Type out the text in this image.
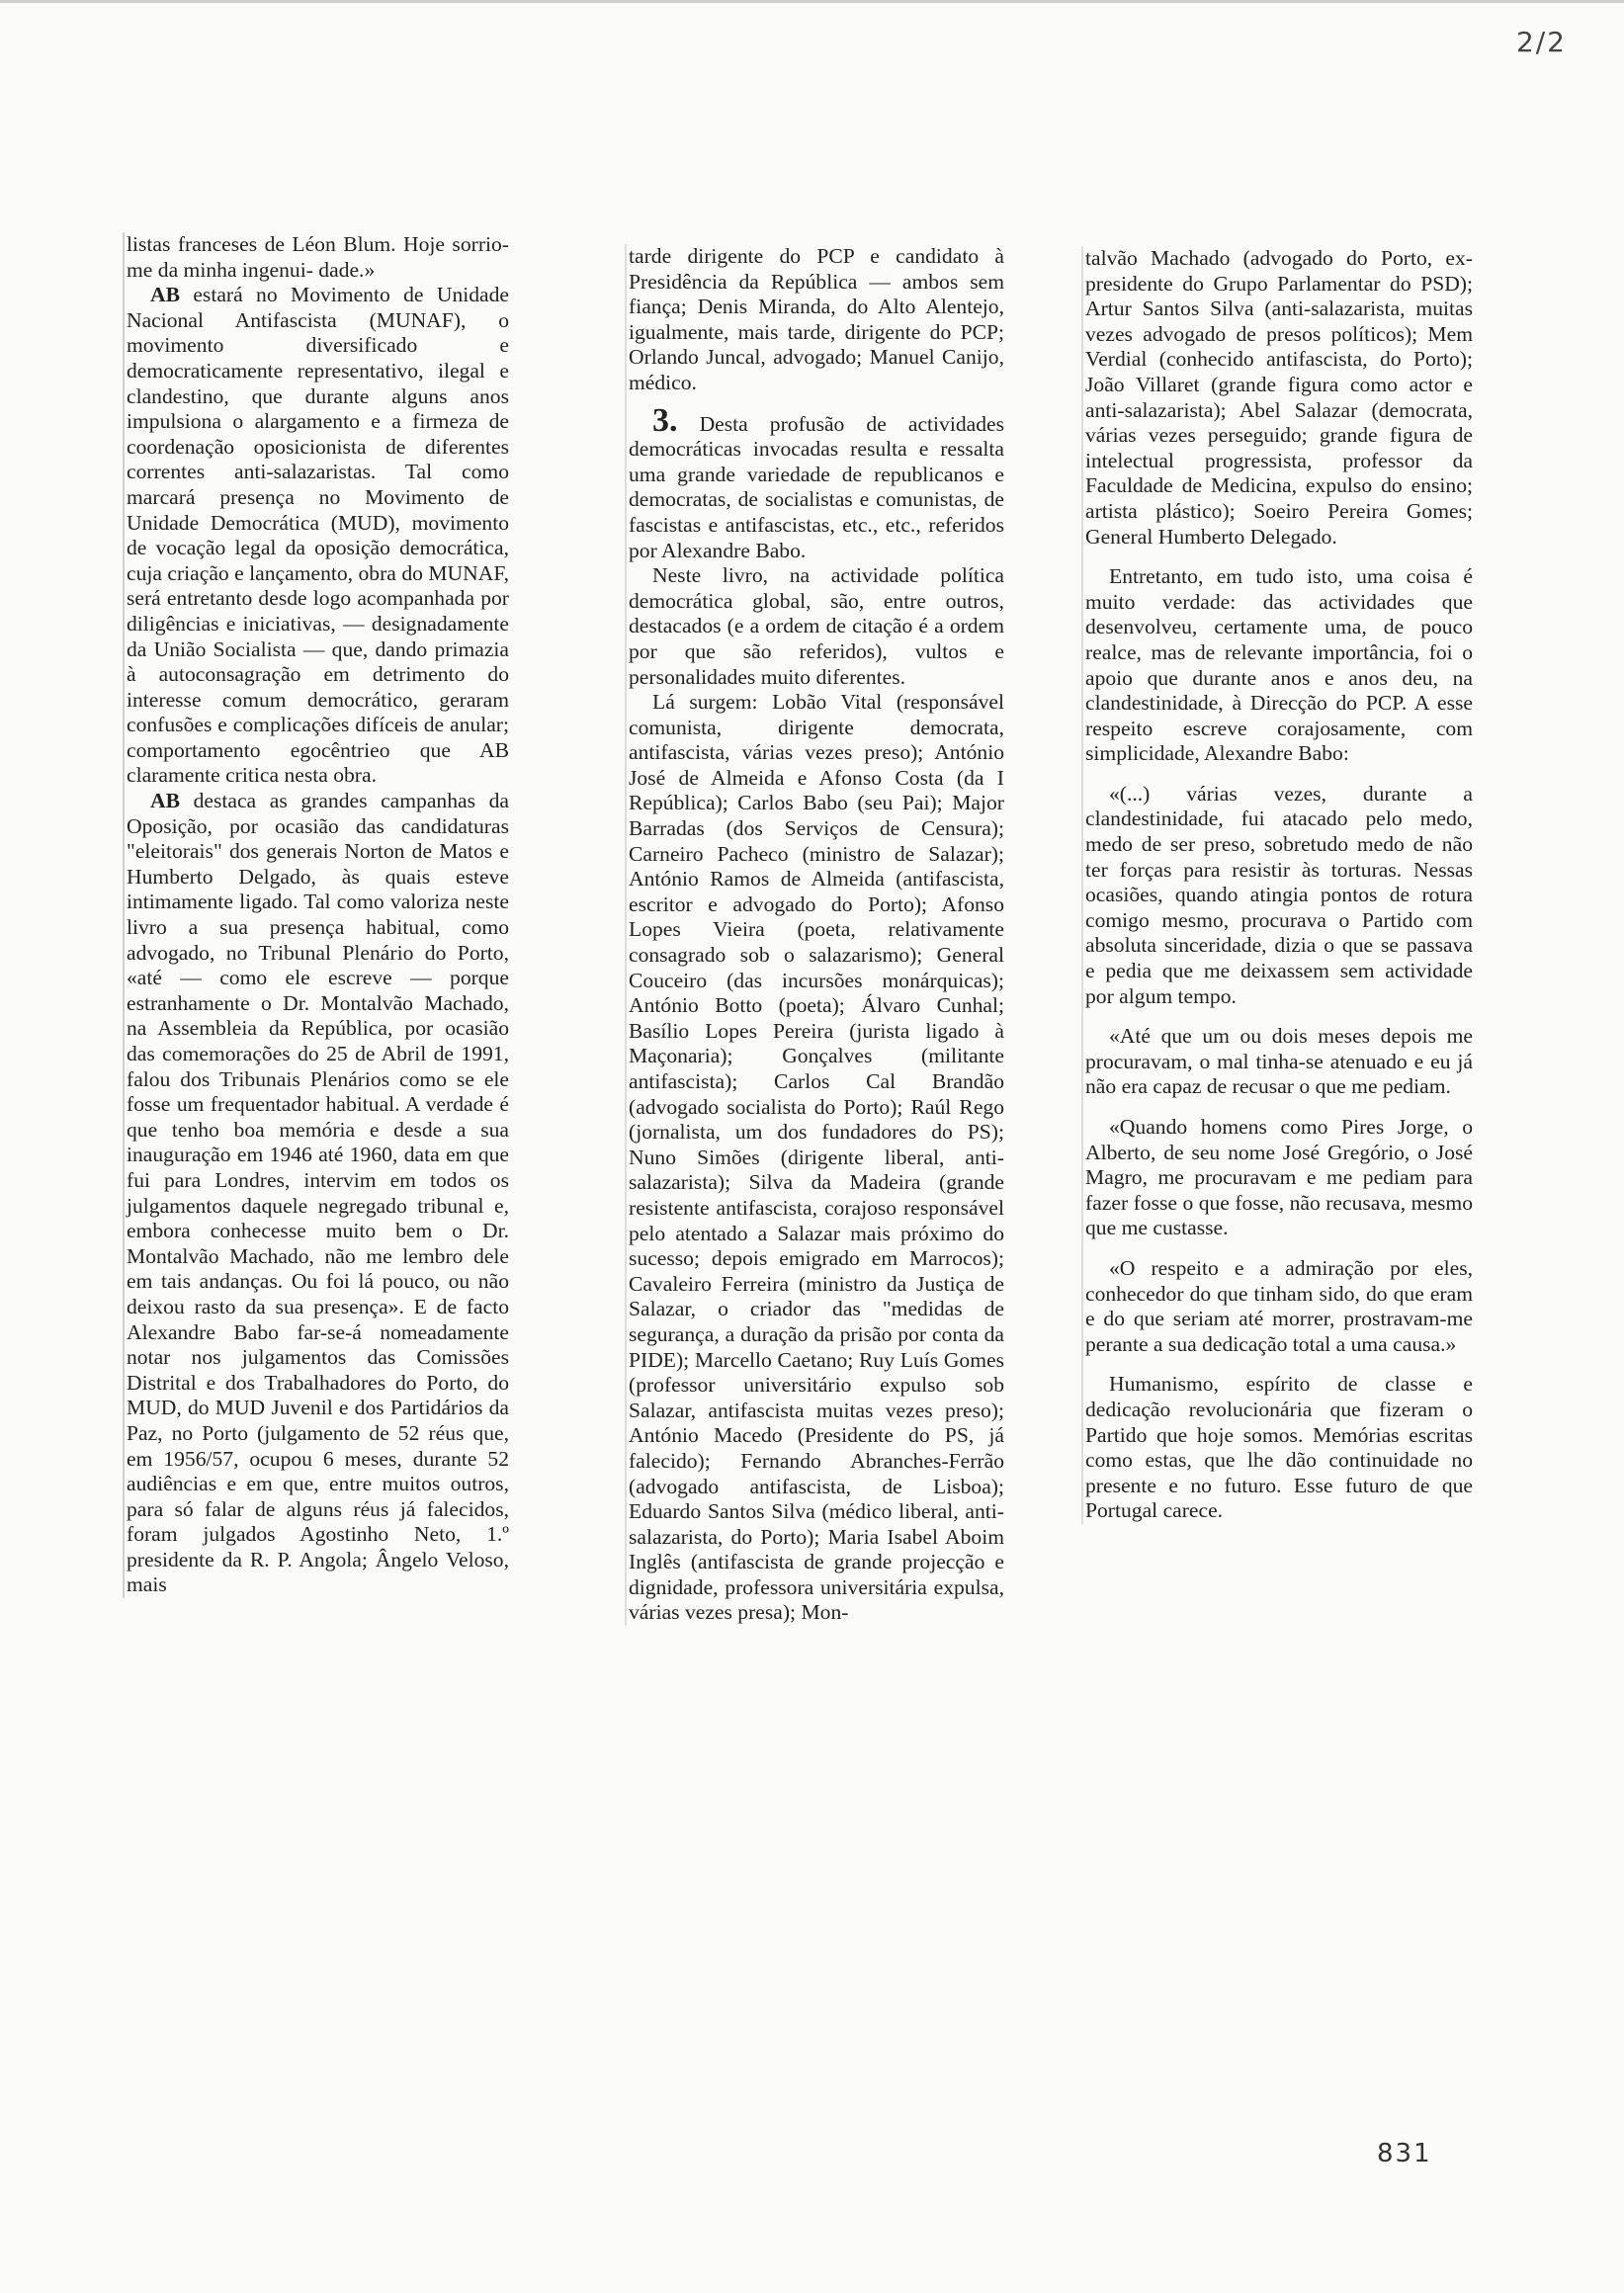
2/2

listas franceses de Léon Blum. Hoje sorrio-me da minha ingenui- dade.»

AB estará no Movimento de Unidade Nacional Antifascista (MUNAF), o movimento diversificado e democraticamente representativo, ilegal e clandestino, que durante alguns anos impulsiona o alargamento e a firmeza de coordenação oposicionista de diferentes correntes anti-salazaristas. Tal como marcará presença no Movimento de Unidade Democrática (MUD), movimento de vocação legal da oposição democrática, cuja criação e lançamento, obra do MUNAF, será entretanto desde logo acompanhada por diligências e iniciativas, — designadamente da União Socialista — que, dando primazia à autoconsagração em detrimento do interesse comum democrático, geraram confusões e complicações difíceis de anular; comportamento egocêntrieo que AB claramente critica nesta obra.

AB destaca as grandes campanhas da Oposição, por ocasião das candidaturas "eleitorais" dos generais Norton de Matos e Humberto Delgado, às quais esteve intimamente ligado. Tal como valoriza neste livro a sua presença habitual, como advogado, no Tribunal Plenário do Porto, «até — como ele escreve — porque estranhamente o Dr. Montalvão Machado, na Assembleia da República, por ocasião das comemorações do 25 de Abril de 1991, falou dos Tribunais Plenários como se ele fosse um frequentador habitual. A verdade é que tenho boa memória e desde a sua inauguração em 1946 até 1960, data em que fui para Londres, intervim em todos os julgamentos daquele negregado tribunal e, embora conhecesse muito bem o Dr. Montalvão Machado, não me lembro dele em tais andanças. Ou foi lá pouco, ou não deixou rasto da sua presença». E de facto Alexandre Babo far-se-á nomeadamente notar nos julgamentos das Comissões Distrital e dos Trabalhadores do Porto, do MUD, do MUD Juvenil e dos Partidários da Paz, no Porto (julgamento de 52 réus que, em 1956/57, ocupou 6 meses, durante 52 audiências e em que, entre muitos outros, para só falar de alguns réus já falecidos, foram julgados Agostinho Neto, 1.º presidente da R. P. Angola; Ângelo Veloso, mais

tarde dirigente do PCP e candidato à Presidência da República — ambos sem fiança; Denis Miranda, do Alto Alentejo, igualmente, mais tarde, dirigente do PCP; Orlando Juncal, advogado; Manuel Canijo, médico.

3. Desta profusão de actividades democráticas invocadas resulta e ressalta uma grande variedade de republicanos e democratas, de socialistas e comunistas, de fascistas e antifascistas, etc., etc., referidos por Alexandre Babo.

Neste livro, na actividade política democrática global, são, entre outros, destacados (e a ordem de citação é a ordem por que são referidos), vultos e personalidades muito diferentes.

Lá surgem: Lobão Vital (responsável comunista, dirigente democrata, antifascista, várias vezes preso); António José de Almeida e Afonso Costa (da I República); Carlos Babo (seu Pai); Major Barradas (dos Serviços de Censura); Carneiro Pacheco (ministro de Salazar); António Ramos de Almeida (antifascista, escritor e advogado do Porto); Afonso Lopes Vieira (poeta, relativamente consagrado sob o salazarismo); General Couceiro (das incursões monárquicas); António Botto (poeta); Álvaro Cunhal; Basílio Lopes Pereira (jurista ligado à Maçonaria); Gonçalves (militante antifascista); Carlos Cal Brandão (advogado socialista do Porto); Raúl Rego (jornalista, um dos fundadores do PS); Nuno Simões (dirigente liberal, anti-salazarista); Silva da Madeira (grande resistente antifascista, corajoso responsável pelo atentado a Salazar mais próximo do sucesso; depois emigrado em Marrocos); Cavaleiro Ferreira (ministro da Justiça de Salazar, o criador das "medidas de segurança, a duração da prisão por conta da PIDE); Marcello Caetano; Ruy Luís Gomes (professor universitário expulso sob Salazar, antifascista muitas vezes preso); António Macedo (Presidente do PS, já falecido); Fernando Abranches-Ferrão (advogado antifascista, de Lisboa); Eduardo Santos Silva (médico liberal, anti-salazarista, do Porto); Maria Isabel Aboim Inglês (antifascista de grande projecção e dignidade, professora universitária expulsa, várias vezes presa); Mon-

talvão Machado (advogado do Porto, ex-presidente do Grupo Parlamentar do PSD); Artur Santos Silva (anti-salazarista, muitas vezes advogado de presos políticos); Mem Verdial (conhecido antifascista, do Porto); João Villaret (grande figura como actor e anti-salazarista); Abel Salazar (democrata, várias vezes perseguido; grande figura de intelectual progressista, professor da Faculdade de Medicina, expulso do ensino; artista plástico); Soeiro Pereira Gomes; General Humberto Delegado.

Entretanto, em tudo isto, uma coisa é muito verdade: das actividades que desenvolveu, certamente uma, de pouco realce, mas de relevante importância, foi o apoio que durante anos e anos deu, na clandestinidade, à Direcção do PCP. A esse respeito escreve corajosamente, com simplicidade, Alexandre Babo:

«(...) várias vezes, durante a clandestinidade, fui atacado pelo medo, medo de ser preso, sobretudo medo de não ter forças para resistir às torturas. Nessas ocasiões, quando atingia pontos de rotura comigo mesmo, procurava o Partido com absoluta sinceridade, dizia o que se passava e pedia que me deixassem sem actividade por algum tempo.

«Até que um ou dois meses depois me procuravam, o mal tinha-se atenuado e eu já não era capaz de recusar o que me pediam.

«Quando homens como Pires Jorge, o Alberto, de seu nome José Gregório, o José Magro, me procuravam e me pediam para fazer fosse o que fosse, não recusava, mesmo que me custasse.

«O respeito e a admiração por eles, conhecedor do que tinham sido, do que eram e do que seriam até morrer, prostravam-me perante a sua dedicação total a uma causa.»

Humanismo, espírito de classe e dedicação revolucionária que fizeram o Partido que hoje somos. Memórias escritas como estas, que lhe dão continuidade no presente e no futuro. Esse futuro de que Portugal carece.

831
